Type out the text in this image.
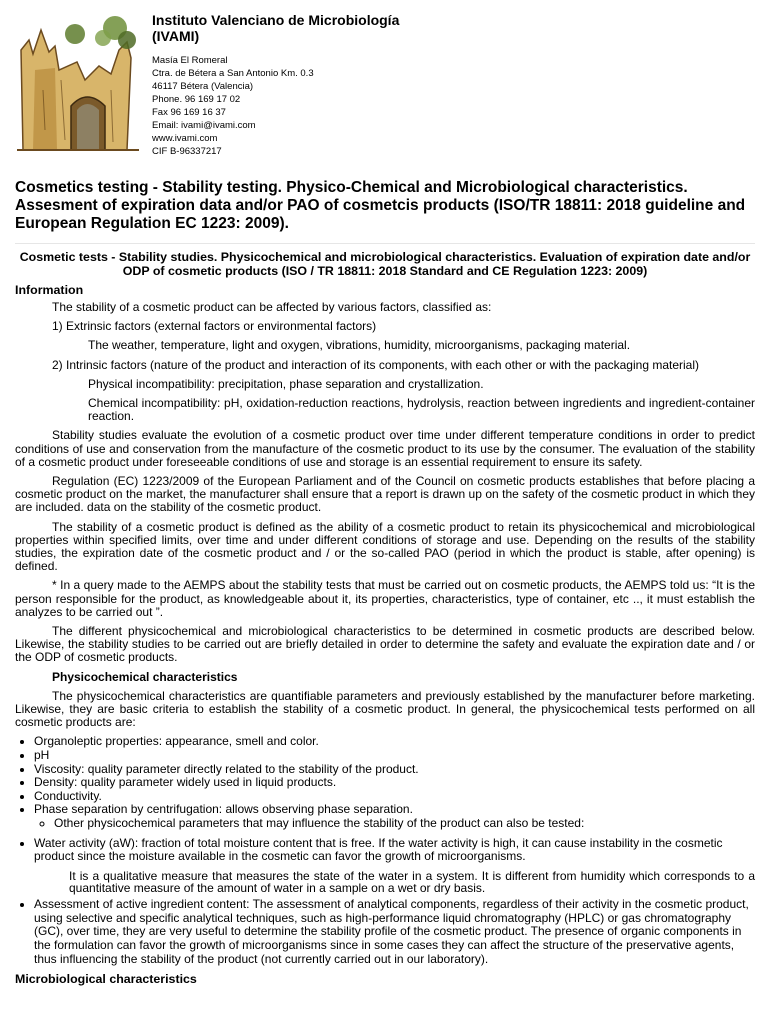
Instituto Valenciano de Microbiología
(IVAMI)

Masía El Romeral
Ctra. de Bétera a San Antonio Km. 0.3
46117 Bétera (Valencia)
Phone. 96 169 17 02
Fax 96 169 16 37
Email: ivami@ivami.com
www.ivami.com
CIF B-96337217
Cosmetics testing - Stability testing. Physico-Chemical and Microbiological characteristics. Assesment of expiration data and/or PAO of cosmetcis products (ISO/TR 18811: 2018 guideline and European Regulation EC 1223: 2009).

Cosmetic tests - Stability studies. Physicochemical and microbiological characteristics. Evaluation of expiration date and/or ODP of cosmetic products (ISO / TR 18811: 2018 Standard and CE Regulation 1223: 2009)

Information

The stability of a cosmetic product can be affected by various factors, classified as:

1) Extrinsic factors (external factors or environmental factors)

The weather, temperature, light and oxygen, vibrations, humidity, microorganisms, packaging material.

2) Intrinsic factors (nature of the product and interaction of its components, with each other or with the packaging material)

Physical incompatibility: precipitation, phase separation and crystallization.

Chemical incompatibility: pH, oxidation-reduction reactions, hydrolysis, reaction between ingredients and ingredient-container reaction.

Stability studies evaluate the evolution of a cosmetic product over time under different temperature conditions in order to predict conditions of use and conservation from the manufacture of the cosmetic product to its use by the consumer. The evaluation of the stability of a cosmetic product under foreseeable conditions of use and storage is an essential requirement to ensure its safety.

Regulation (EC) 1223/2009 of the European Parliament and of the Council on cosmetic products establishes that before placing a cosmetic product on the market, the manufacturer shall ensure that a report is drawn up on the safety of the cosmetic product in which they are included. data on the stability of the cosmetic product.

The stability of a cosmetic product is defined as the ability of a cosmetic product to retain its physicochemical and microbiological properties within specified limits, over time and under different conditions of storage and use. Depending on the results of the stability studies, the expiration date of the cosmetic product and / or the so-called PAO (period in which the product is stable, after opening) is defined.

* In a query made to the AEMPS about the stability tests that must be carried out on cosmetic products, the AEMPS told us: “It is the person responsible for the product, as knowledgeable about it, its properties, characteristics, type of container, etc .., it must establish the analyzes to be carried out ”.

The different physicochemical and microbiological characteristics to be determined in cosmetic products are described below. Likewise, the stability studies to be carried out are briefly detailed in order to determine the safety and evaluate the expiration date and / or the ODP of cosmetic products.

Physicochemical characteristics

The physicochemical characteristics are quantifiable parameters and previously established by the manufacturer before marketing. Likewise, they are basic criteria to establish the stability of a cosmetic product. In general, the physicochemical tests performed on all cosmetic products are:

• Organoleptic properties: appearance, smell and color.
• pH
• Viscosity: quality parameter directly related to the stability of the product.
• Density: quality parameter widely used in liquid products.
• Conductivity.
• Phase separation by centrifugation: allows observing phase separation.
◦ Other physicochemical parameters that may influence the stability of the product can also be tested:
• Water activity (aW): fraction of total moisture content that is free. If the water activity is high, it can cause instability in the cosmetic product since the moisture available in the cosmetic can favor the growth of microorganisms.

It is a qualitative measure that measures the state of the water in a system. It is different from humidity which corresponds to a quantitative measure of the amount of water in a sample on a wet or dry basis.

• Assessment of active ingredient content: The assessment of analytical components, regardless of their activity in the cosmetic product, using selective and specific analytical techniques, such as high-performance liquid chromatography (HPLC) or gas chromatography (GC), over time, they are very useful to determine the stability profile of the cosmetic product. The presence of organic components in the formulation can favor the growth of microorganisms since in some cases they can affect the structure of the preservative agents, thus influencing the stability of the product (not currently carried out in our laboratory).

Microbiological characteristics
